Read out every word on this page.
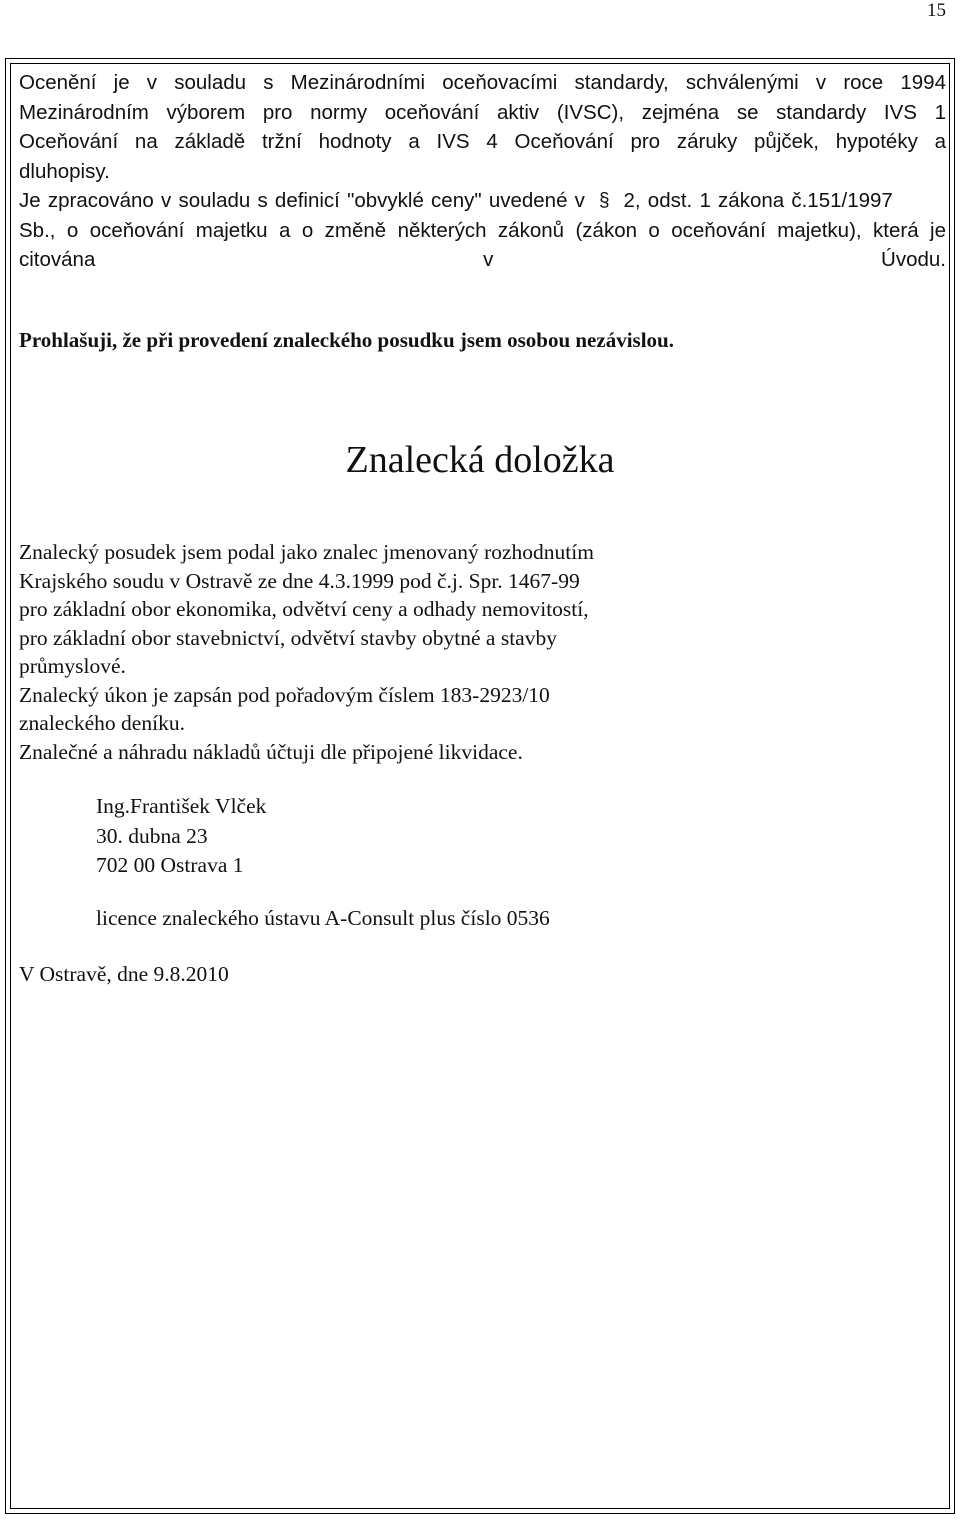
15
Ocenění je v souladu s Mezinárodními oceňovacími standardy, schválenými v roce 1994
Mezinárodním výborem pro normy oceňování aktiv (IVSC), zejména se standardy IVS 1
Oceňování na základě tržní hodnoty a IVS 4 Oceňování pro záruky půjček, hypotéky a
dluhopisy.
Je zpracováno v souladu s definicí "obvyklé ceny" uvedené v § 2, odst. 1 zákona č.151/1997
Sb., o oceňování majetku a o změně některých zákonů (zákon o oceňování majetku), která je
citována v Úvodu.
Prohlašuji, že při provedení znaleckého posudku jsem osobou nezávislou.
Znalecká doložka
Znalecký posudek jsem podal jako znalec jmenovaný rozhodnutím
Krajského soudu v Ostravě ze dne 4.3.1999 pod č.j. Spr. 1467-99
pro základní obor ekonomika, odvětví ceny a odhady nemovitostí,
pro základní obor stavebnictví, odvětví stavby obytné a stavby
průmyslové.
Znalecký úkon je zapsán pod pořadovým číslem 183-2923/10
znaleckého deníku.
Znalečné a náhradu nákladů účtuji dle připojené likvidace.
Ing.František Vlček
30. dubna 23
702 00 Ostrava 1
licence znaleckého ústavu A-Consult plus číslo 0536
V Ostravě, dne 9.8.2010
